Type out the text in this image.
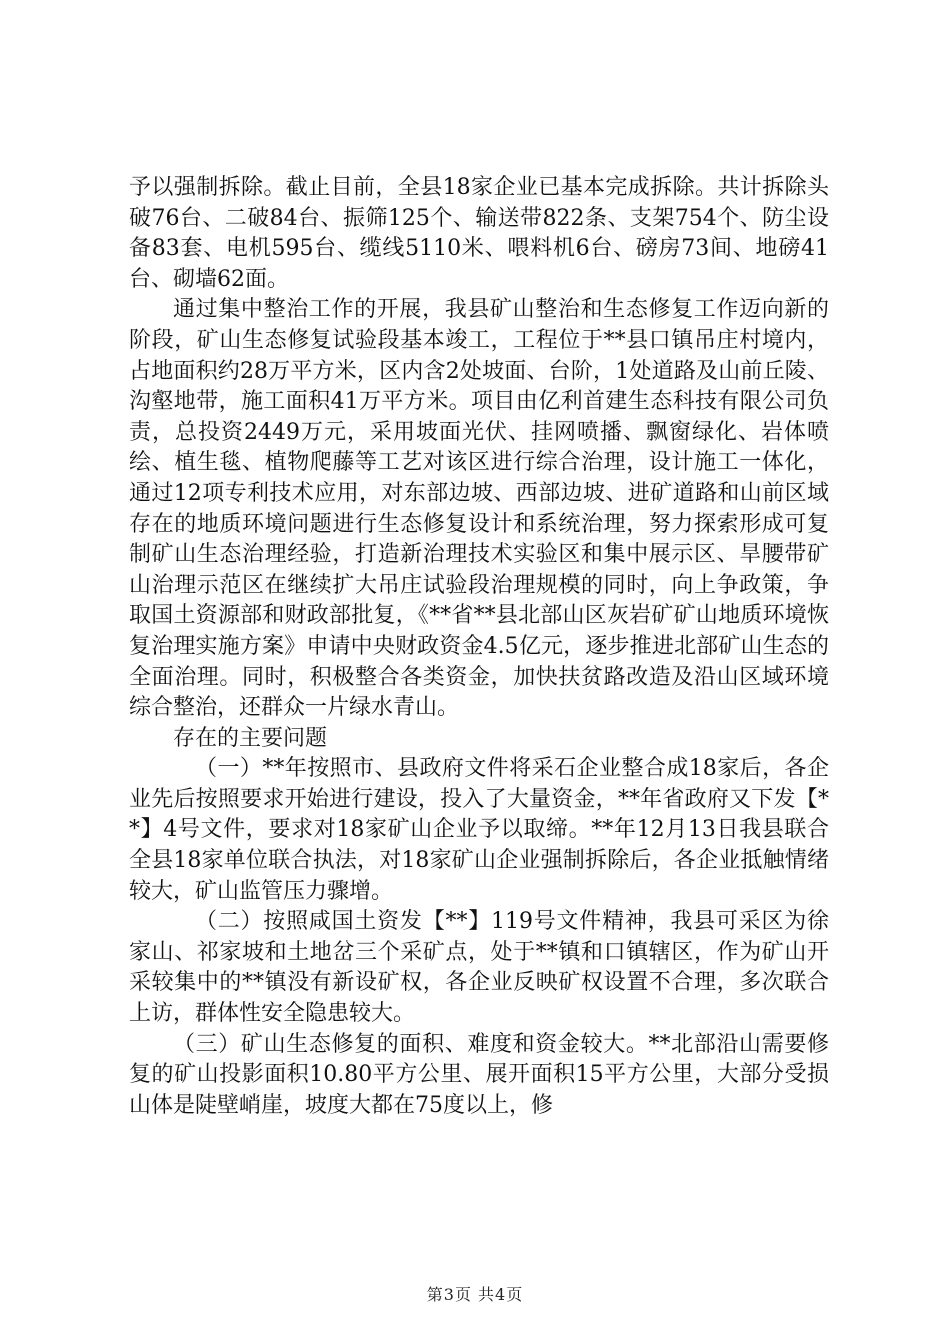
予以强制拆除。截止目前，全县18家企业已基本完成拆除。共计拆除头破76台、二破84台、振筛125个、输送带822条、支架754个、防尘设备83套、电机595台、缆线5110米、喂料机6台、磅房73间、地磅41台、砌墙62面。

通过集中整治工作的开展，我县矿山整治和生态修复工作迈向新的阶段，矿山生态修复试验段基本竣工，工程位于**县口镇吊庄村境内，占地面积约28万平方米，区内含2处坡面、台阶，1处道路及山前丘陵、沟壑地带，施工面积41万平方米。项目由亿利首建生态科技有限公司负责，总投资2449万元，采用坡面光伏、挂网喷播、飘窗绿化、岩体喷绘、植生毯、植物爬藤等工艺对该区进行综合治理，设计施工一体化，通过12项专利技术应用，对东部边坡、西部边坡、进矿道路和山前区域存在的地质环境问题进行生态修复设计和系统治理，努力探索形成可复制矿山生态治理经验，打造新治理技术实验区和集中展示区、旱腰带矿山治理示范区在继续扩大吊庄试验段治理规模的同时，向上争政策，争取国土资源部和财政部批复，《**省**县北部山区灰岩矿矿山地质环境恢复治理实施方案》申请中央财政资金4.5亿元，逐步推进北部矿山生态的全面治理。同时，积极整合各类资金，加快扶贫路改造及沿山区域环境综合整治，还群众一片绿水青山。

存在的主要问题

（一）**年按照市、县政府文件将采石企业整合成18家后，各企业先后按照要求开始进行建设，投入了大量资金，**年省政府又下发【**】4号文件，要求对18家矿山企业予以取缔。**年12月13日我县联合全县18家单位联合执法，对18家矿山企业强制拆除后，各企业抵触情绪较大，矿山监管压力骤增。

（二）按照咸国土资发【**】119号文件精神，我县可采区为徐家山、祁家坡和土地岔三个采矿点，处于**镇和口镇辖区，作为矿山开采较集中的**镇没有新设矿权，各企业反映矿权设置不合理，多次联合上访，群体性安全隐患较大。

（三）矿山生态修复的面积、难度和资金较大。**北部沿山需要修复的矿山投影面积10.80平方公里、展开面积15平方公里，大部分受损山体是陡壁峭崖，坡度大都在75度以上，修

第3页 共4页
